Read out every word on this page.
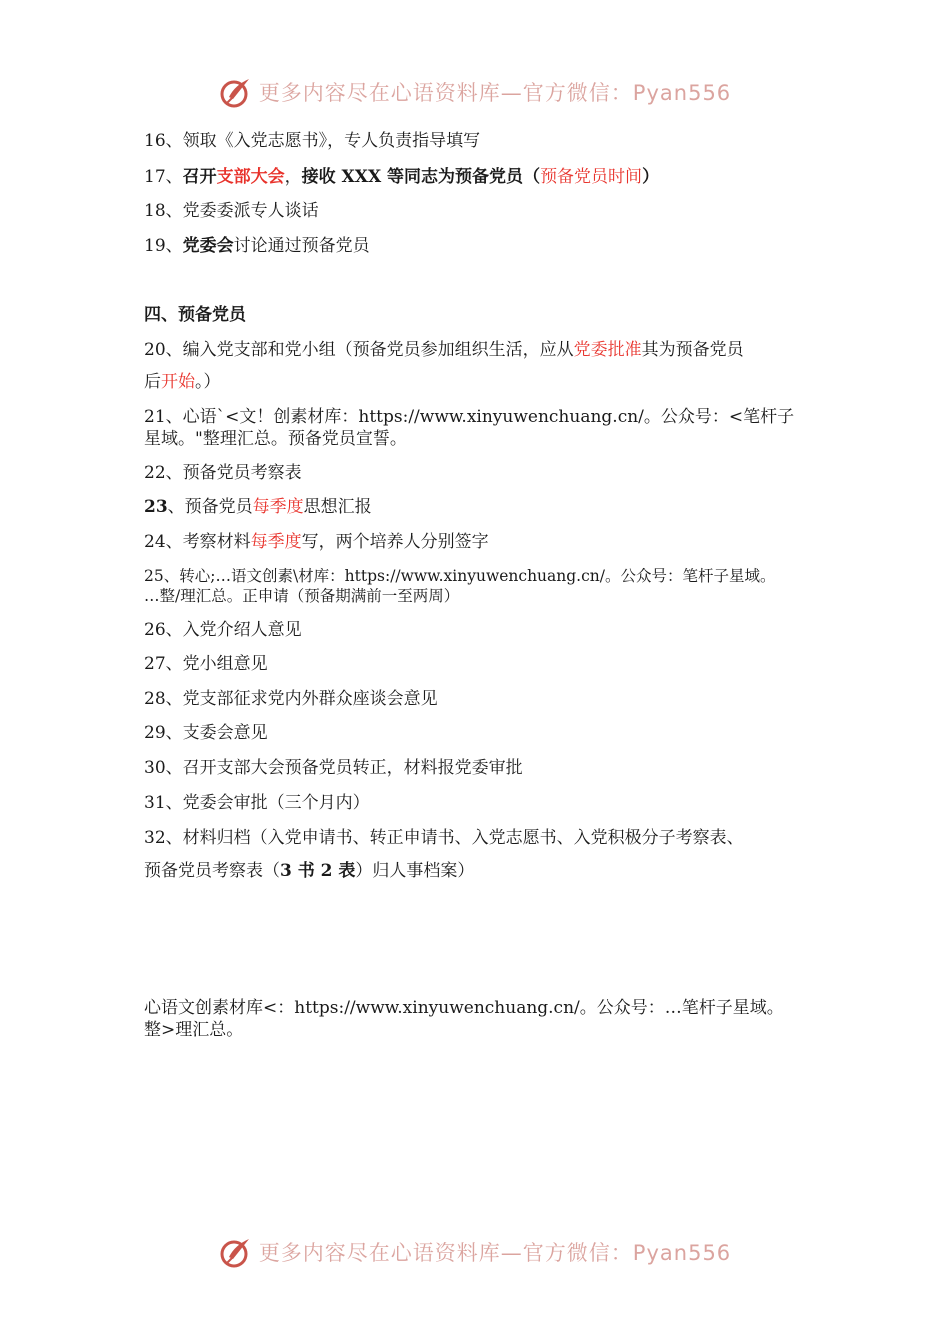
更多内容尽在心语资料库—官方微信：Pyan556
16、领取《入党志愿书》，专人负责指导填写
17、召开支部大会，接收 XXX 等同志为预备党员（预备党员时间）
18、党委委派专人谈话
19、党委会讨论通过预备党员
四、预备党员
20、编入党支部和党小组（预备党员参加组织生活，应从党委批准其为预备党员
后开始。）
21、心语`<文！创素材库：https://www.xinyuwenchuang.cn/。公众号：<笔杆子
星域。"整理汇总。预备党员宣誓。
22、预备党员考察表
23、预备党员每季度思想汇报
24、考察材料每季度写，两个培养人分别签字
25、转心;…语文创素\材库：https://www.xinyuwenchuang.cn/。公众号：笔杆子星域。
…整/理汇总。正申请（预备期满前一至两周）
26、入党介绍人意见
27、党小组意见
28、党支部征求党内外群众座谈会意见
29、支委会意见
30、召开支部大会预备党员转正，材料报党委审批
31、党委会审批（三个月内）
32、材料归档（入党申请书、转正申请书、入党志愿书、入党积极分子考察表、
预备党员考察表（3 书 2 表）归人事档案）
心语文创素材库<：https://www.xinyuwenchuang.cn/。公众号：…笔杆子星域。
整>理汇总。
更多内容尽在心语资料库—官方微信：Pyan556
